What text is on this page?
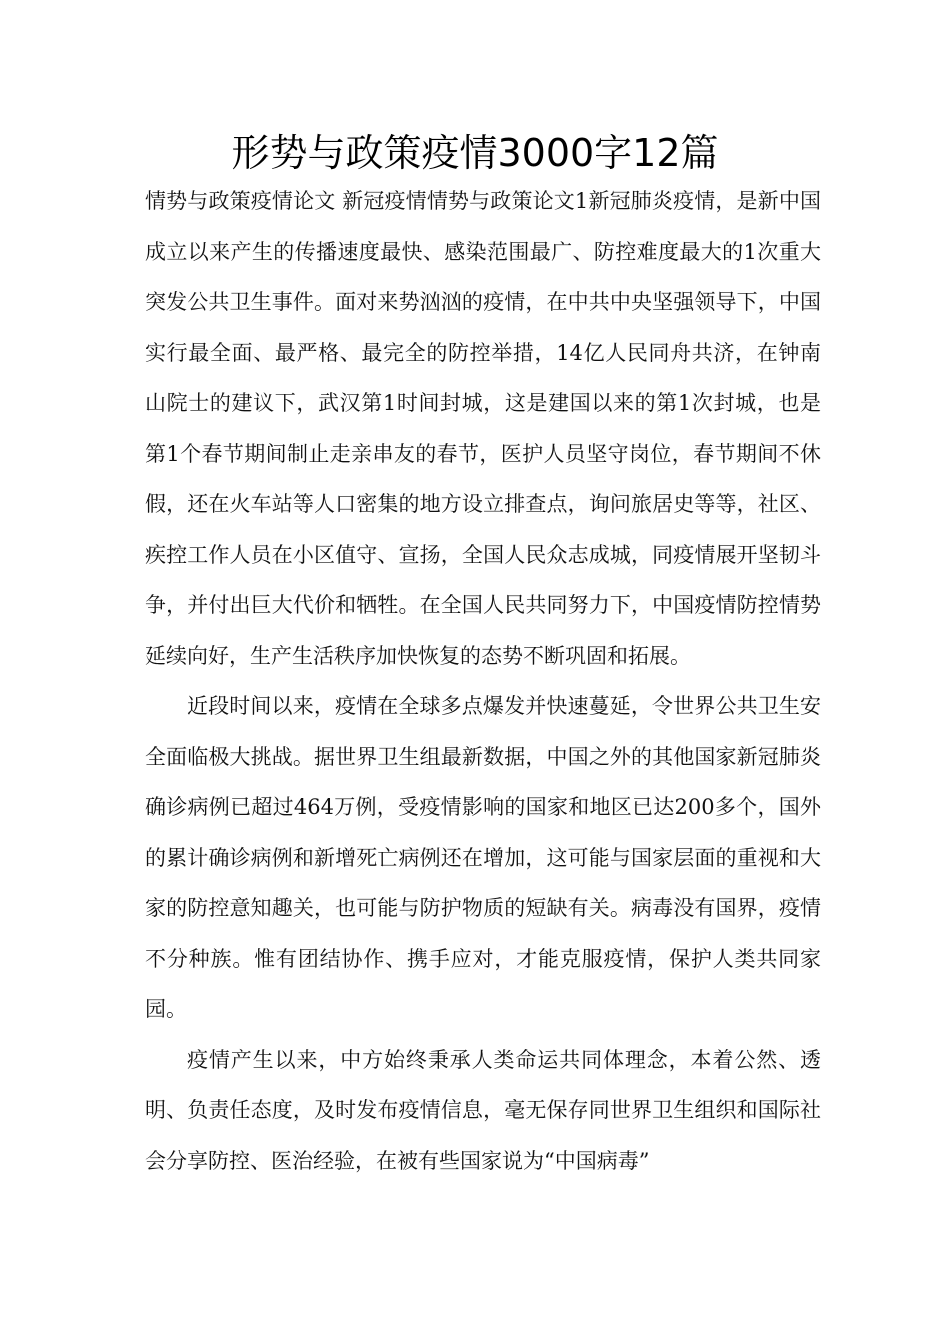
形势与政策疫情3000字12篇

情势与政策疫情论文 新冠疫情情势与政策论文1新冠肺炎疫情，是新中国成立以来产生的传播速度最快、感染范围最广、防控难度最大的1次重大突发公共卫生事件。面对来势汹汹的疫情，在中共中央坚强领导下，中国实行最全面、最严格、最完全的防控举措，14亿人民同舟共济，在钟南山院士的建议下，武汉第1时间封城，这是建国以来的第1次封城，也是第1个春节期间制止走亲串友的春节，医护人员坚守岗位，春节期间不休假，还在火车站等人口密集的地方设立排查点，询问旅居史等等，社区、疾控工作人员在小区值守、宣扬，全国人民众志成城，同疫情展开坚韧斗争，并付出巨大代价和牺牲。在全国人民共同努力下，中国疫情防控情势延续向好，生产生活秩序加快恢复的态势不断巩固和拓展。

近段时间以来，疫情在全球多点爆发并快速蔓延，令世界公共卫生安全面临极大挑战。据世界卫生组最新数据，中国之外的其他国家新冠肺炎确诊病例已超过464万例，受疫情影响的国家和地区已达200多个，国外的累计确诊病例和新增死亡病例还在增加，这可能与国家层面的重视和大家的防控意知趣关，也可能与防护物质的短缺有关。病毒没有国界，疫情不分种族。惟有团结协作、携手应对，才能克服疫情，保护人类共同家园。

疫情产生以来，中方始终秉承人类命运共同体理念，本着公然、透明、负责任态度，及时发布疫情信息，毫无保存同世界卫生组织和国际社会分享防控、医治经验，在被有些国家说为“中国病毒”
